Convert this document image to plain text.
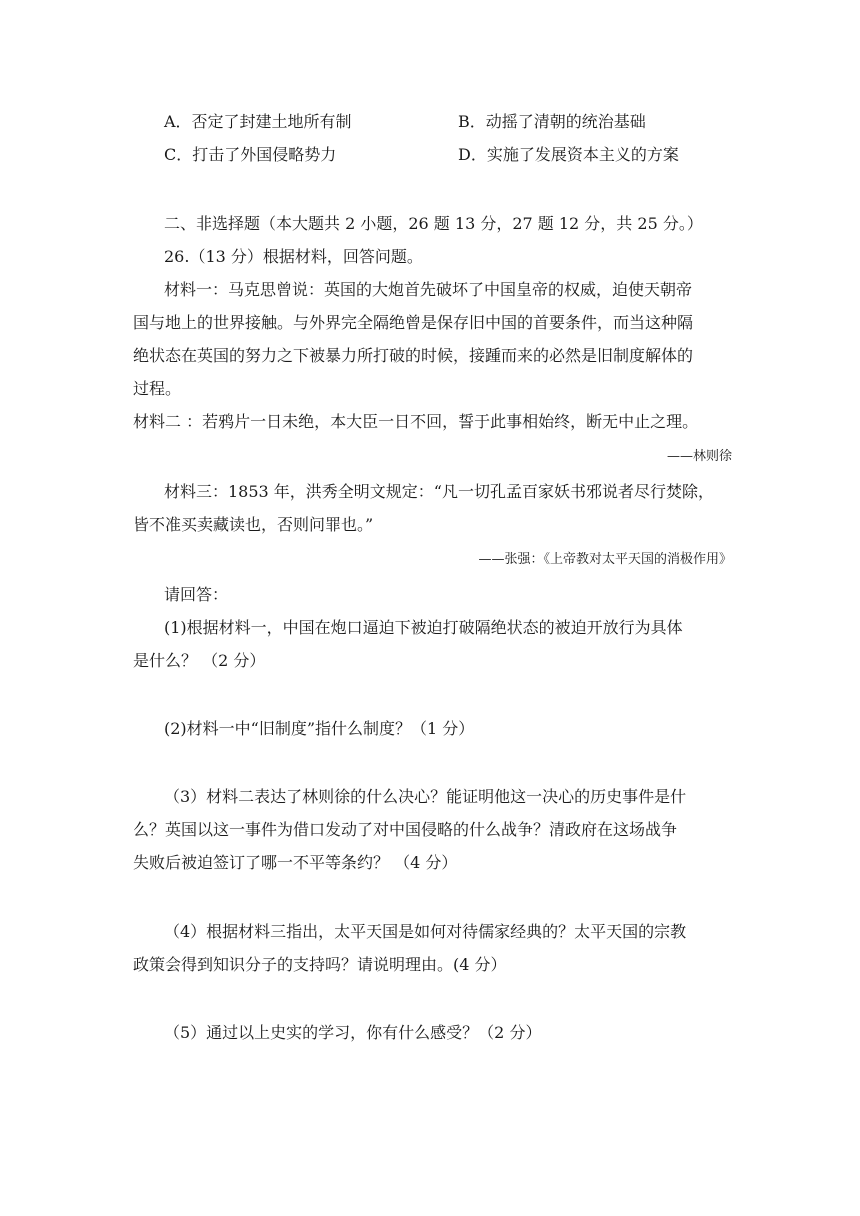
A．否定了封建土地所有制	B．动摇了清朝的统治基础
C．打击了外国侵略势力	D．实施了发展资本主义的方案
二、非选择题（本大题共 2 小题，26 题 13 分，27 题 12 分，共 25 分。）
26.（13 分）根据材料，回答问题。
材料一：马克思曾说：英国的大炮首先破坏了中国皇帝的权威，迫使天朝帝
国与地上的世界接触。与外界完全隔绝曾是保存旧中国的首要条件，而当这种隔
绝状态在英国的努力之下被暴力所打破的时候，接踵而来的必然是旧制度解体的
过程。
材料二 ：若鸦片一日未绝，本大臣一日不回，誓于此事相始终，断无中止之理。
——林则徐
材料三：1853 年，洪秀全明文规定：“凡一切孔孟百家妖书邪说者尽行焚除，
皆不准买卖藏读也，否则问罪也。”
——张强：《上帝教对太平天国的消极作用》
请回答：
(1)根据材料一，中国在炮口逼迫下被迫打破隔绝状态的被迫开放行为具体
是什么？ （2 分）
(2)材料一中“旧制度”指什么制度？（1 分）
（3）材料二表达了林则徐的什么决心？能证明他这一决心的历史事件是什
么？英国以这一事件为借口发动了对中国侵略的什么战争？清政府在这场战争
失败后被迫签订了哪一不平等条约？ （4 分）
（4）根据材料三指出，太平天国是如何对待儒家经典的？太平天国的宗教
政策会得到知识分子的支持吗？请说明理由。(4 分）
（5）通过以上史实的学习，你有什么感受？（2 分）
